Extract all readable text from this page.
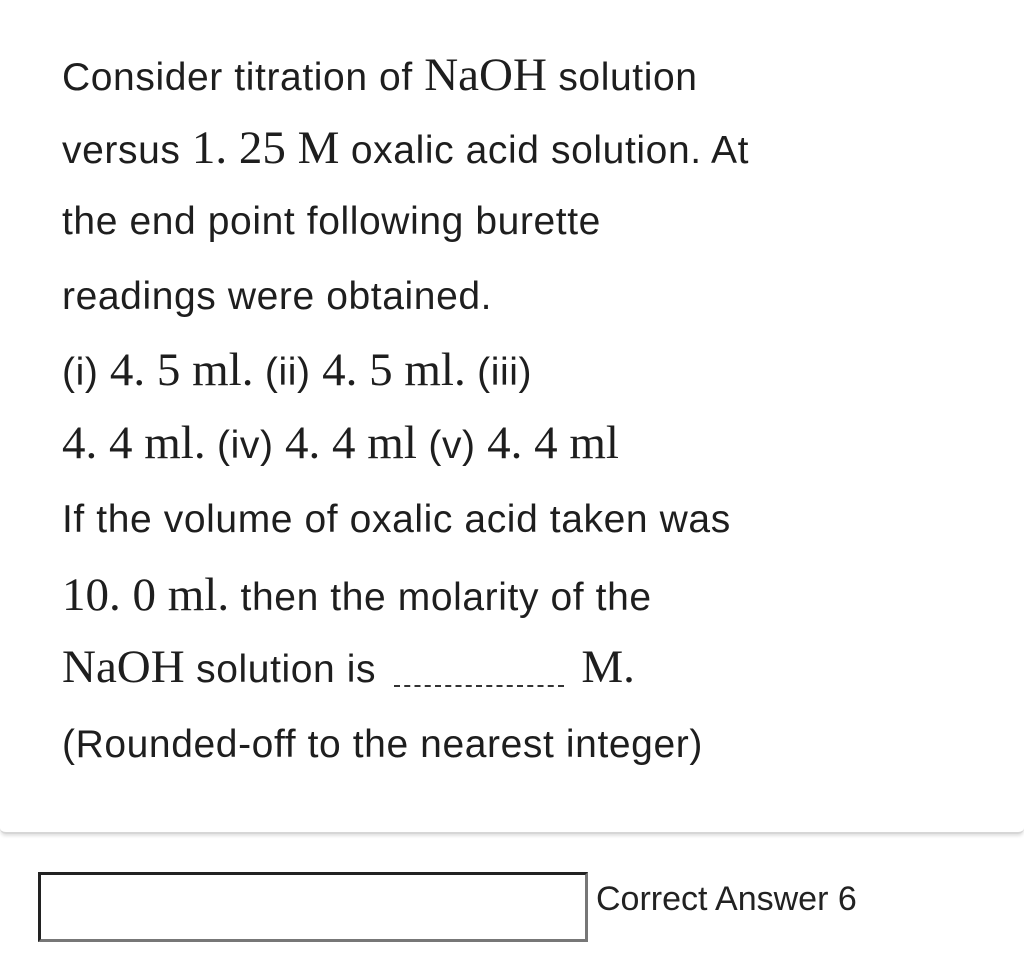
Consider titration of NaOH solution
versus 1. 25 M oxalic acid solution. At
the end point following burette
readings were obtained.
(i) 4. 5 ml. (ii) 4. 5 ml. (iii)
4. 4 ml. (iv) 4. 4 ml (v) 4. 4 ml
If the volume of oxalic acid taken was
10. 0 ml. then the molarity of the
NaOH solution is	M.
(Rounded-off to the nearest integer)
Correct Answer 6
